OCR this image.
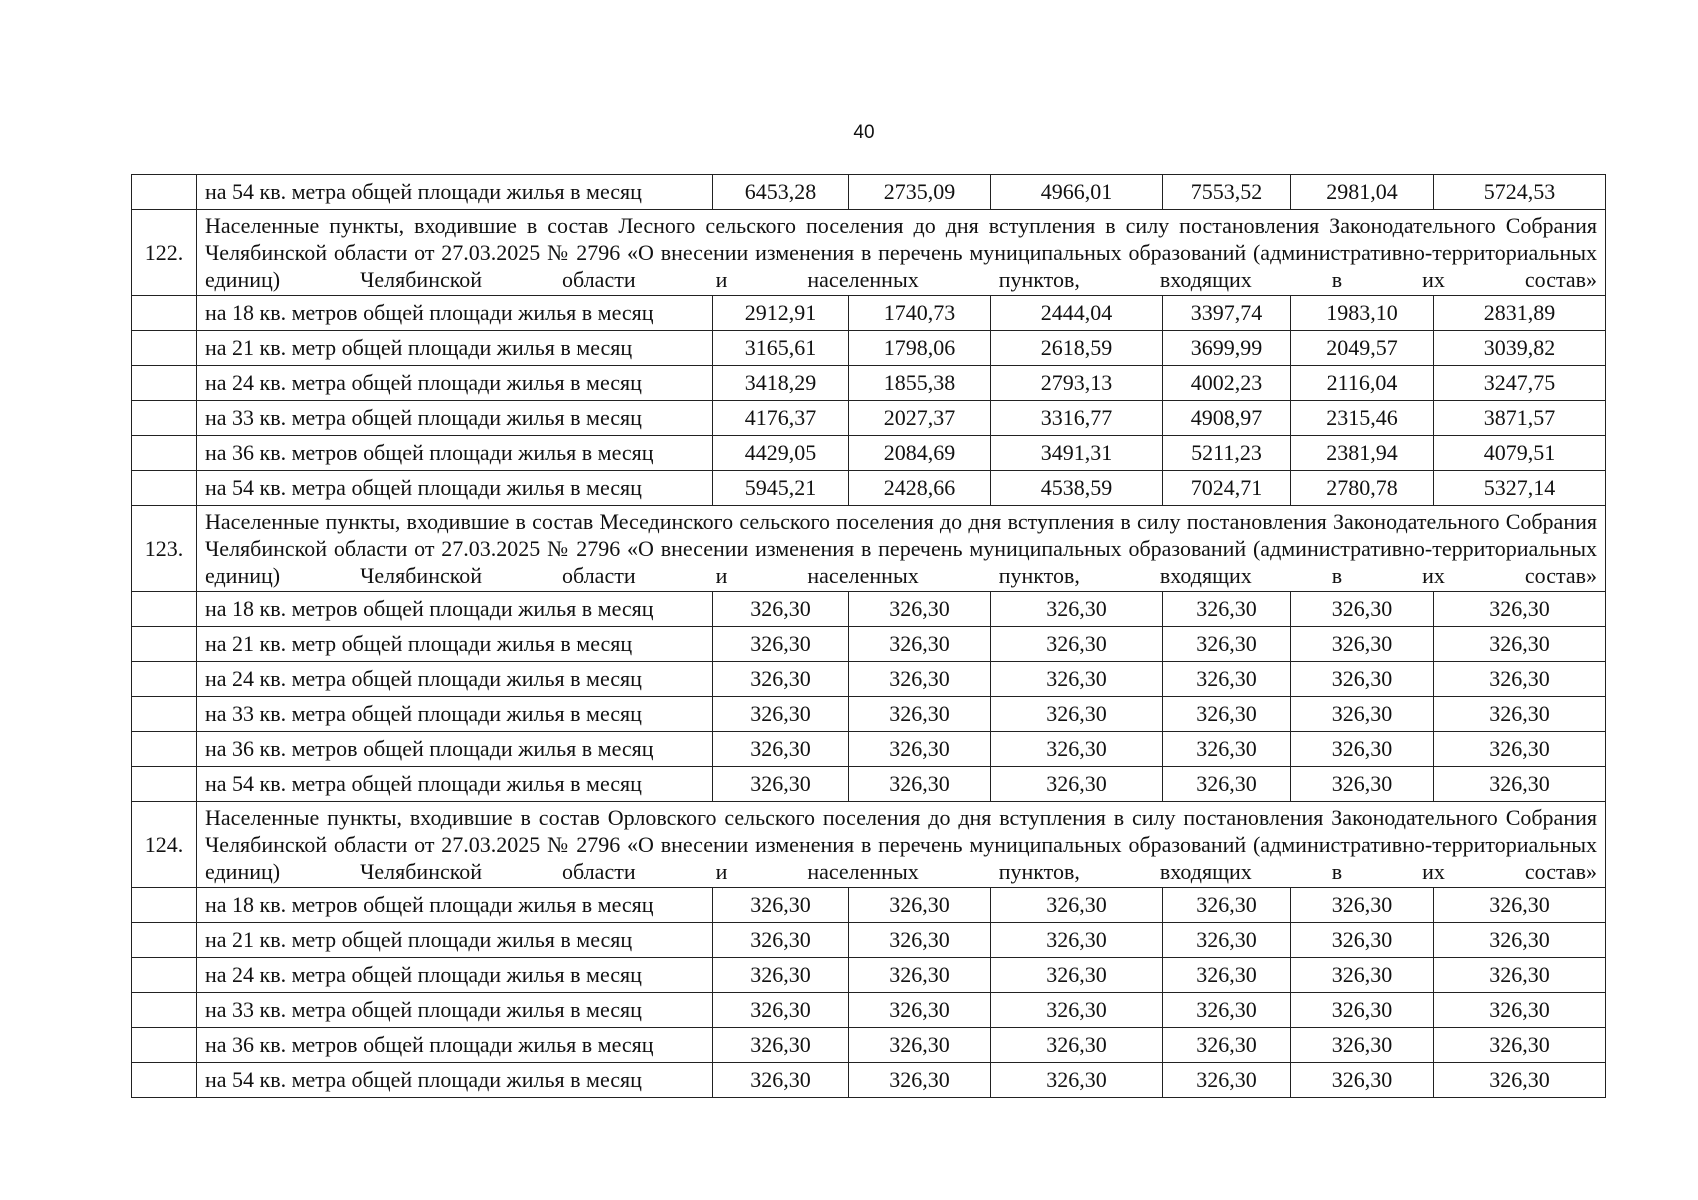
40
	на 54 кв. метра общей площади жилья в месяц	6453,28	2735,09	4966,01	7553,52	2981,04	5724,53
122.	Населенные пункты, входившие в состав Лесного сельского поселения до дня вступления в силу постановления Законодательного Собрания Челябинской области от 27.03.2025 № 2796 «О внесении изменения в перечень муниципальных образований (административно-территориальных единиц) Челябинской области и населенных пунктов, входящих в их состав»						
	на 18 кв. метров общей площади жилья в месяц	2912,91	1740,73	2444,04	3397,74	1983,10	2831,89
	на 21 кв. метр общей площади жилья в месяц	3165,61	1798,06	2618,59	3699,99	2049,57	3039,82
	на 24 кв. метра общей площади жилья в месяц	3418,29	1855,38	2793,13	4002,23	2116,04	3247,75
	на 33 кв. метра общей площади жилья в месяц	4176,37	2027,37	3316,77	4908,97	2315,46	3871,57
	на 36 кв. метров общей площади жилья в месяц	4429,05	2084,69	3491,31	5211,23	2381,94	4079,51
	на 54 кв. метра общей площади жилья в месяц	5945,21	2428,66	4538,59	7024,71	2780,78	5327,14
123.	Населенные пункты, входившие в состав Месединского сельского поселения до дня вступления в силу постановления Законодательного Собрания Челябинской области от 27.03.2025 № 2796 «О внесении изменения в перечень муниципальных образований (административно-территориальных единиц) Челябинской области и населенных пунктов, входящих в их состав»						
	на 18 кв. метров общей площади жилья в месяц	326,30	326,30	326,30	326,30	326,30	326,30
	на 21 кв. метр общей площади жилья в месяц	326,30	326,30	326,30	326,30	326,30	326,30
	на 24 кв. метра общей площади жилья в месяц	326,30	326,30	326,30	326,30	326,30	326,30
	на 33 кв. метра общей площади жилья в месяц	326,30	326,30	326,30	326,30	326,30	326,30
	на 36 кв. метров общей площади жилья в месяц	326,30	326,30	326,30	326,30	326,30	326,30
	на 54 кв. метра общей площади жилья в месяц	326,30	326,30	326,30	326,30	326,30	326,30
124.	Населенные пункты, входившие в состав Орловского сельского поселения до дня вступления в силу постановления Законодательного Собрания Челябинской области от 27.03.2025 № 2796 «О внесении изменения в перечень муниципальных образований (административно-территориальных единиц) Челябинской области и населенных пунктов, входящих в их состав»						
	на 18 кв. метров общей площади жилья в месяц	326,30	326,30	326,30	326,30	326,30	326,30
	на 21 кв. метр общей площади жилья в месяц	326,30	326,30	326,30	326,30	326,30	326,30
	на 24 кв. метра общей площади жилья в месяц	326,30	326,30	326,30	326,30	326,30	326,30
	на 33 кв. метра общей площади жилья в месяц	326,30	326,30	326,30	326,30	326,30	326,30
	на 36 кв. метров общей площади жилья в месяц	326,30	326,30	326,30	326,30	326,30	326,30
	на 54 кв. метра общей площади жилья в месяц	326,30	326,30	326,30	326,30	326,30	326,30
